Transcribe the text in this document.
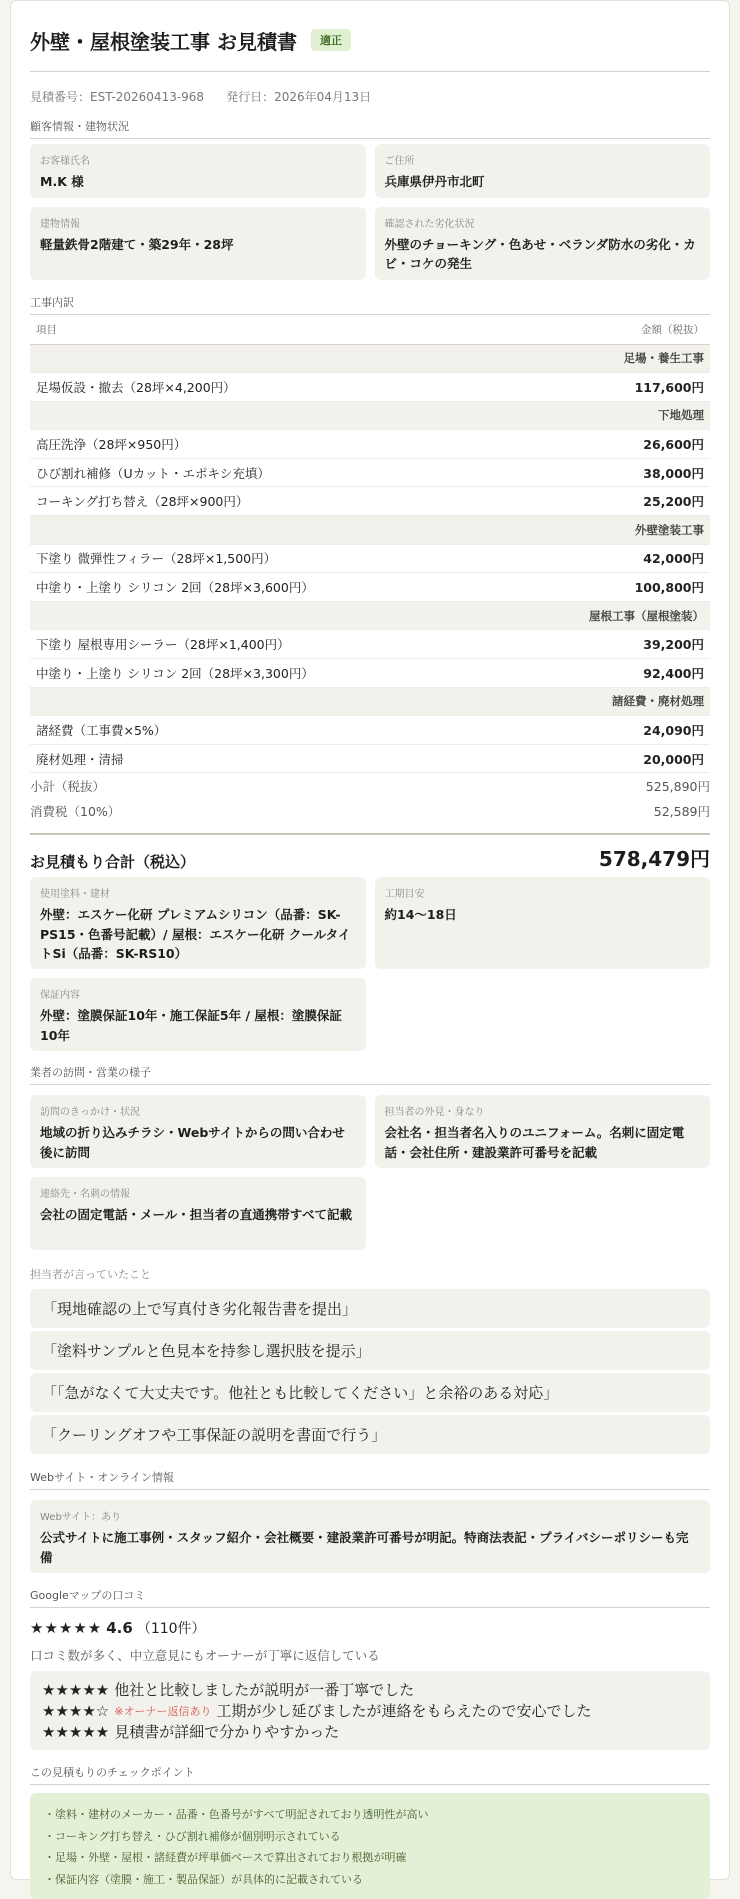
外壁・屋根塗装工事 お見積書	適正
見積番号：EST-20260413-968 発行日：2026年04月13日
顧客情報・建物状況
お客様氏名
M.K 様
ご住所
兵庫県伊丹市北町
建物情報
軽量鉄骨2階建て・築29年・28坪
確認された劣化状況
外壁のチョーキング・色あせ・ベランダ防水の劣化・カビ・コケの発生
工事内訳
項目	金額（税抜）
足場・養生工事	
足場仮設・撤去（28坪×4,200円）	117,600円
下地処理	
高圧洗浄（28坪×950円）	26,600円
ひび割れ補修（Uカット・エポキシ充填）	38,000円
コーキング打ち替え（28坪×900円）	25,200円
外壁塗装工事	
下塗り 微弾性フィラー（28坪×1,500円）	42,000円
中塗り・上塗り シリコン 2回（28坪×3,600円）	100,800円
屋根工事（屋根塗装）	
下塗り 屋根専用シーラー（28坪×1,400円）	39,200円
中塗り・上塗り シリコン 2回（28坪×3,300円）	92,400円
諸経費・廃材処理	
諸経費（工事費×5%）	24,090円
廃材処理・清掃	20,000円
小計（税抜）	525,890円
消費税（10%）	52,589円
お見積もり合計（税込）	578,479円
使用塗料・建材
外壁：エスケー化研 プレミアムシリコン（品番：SK-PS15・色番号記載）/ 屋根：エスケー化研 クールタイトSi（品番：SK-RS10）
工期目安
約14〜18日
保証内容
外壁：塗膜保証10年・施工保証5年 / 屋根：塗膜保証10年
業者の訪問・営業の様子
訪問のきっかけ・状況
地域の折り込みチラシ・Webサイトからの問い合わせ後に訪問
担当者の外見・身なり
会社名・担当者名入りのユニフォーム。名刺に固定電話・会社住所・建設業許可番号を記載
連絡先・名刺の情報
会社の固定電話・メール・担当者の直通携帯すべて記載
担当者が言っていたこと
「現地確認の上で写真付き劣化報告書を提出」
「塗料サンプルと色見本を持参し選択肢を提示」
「「急がなくて大丈夫です。他社とも比較してください」と余裕のある対応」
「クーリングオフや工事保証の説明を書面で行う」
Webサイト・オンライン情報
Webサイト：あり
公式サイトに施工事例・スタッフ紹介・会社概要・建設業許可番号が明記。特商法表記・プライバシーポリシーも完備
Googleマップの口コミ
★★★★★ 4.6 （110件）
口コミ数が多く、中立意見にもオーナーが丁寧に返信している
★★★★★ 他社と比較しましたが説明が一番丁寧でした
★★★★☆ ※オーナー返信あり 工期が少し延びましたが連絡をもらえたので安心でした
★★★★★ 見積書が詳細で分かりやすかった
この見積もりのチェックポイント
・塗料・建材のメーカー・品番・色番号がすべて明記されており透明性が高い
・コーキング打ち替え・ひび割れ補修が個別明示されている
・足場・外壁・屋根・諸経費が坪単価ベースで算出されており根拠が明確
・保証内容（塗膜・施工・製品保証）が具体的に記載されている
